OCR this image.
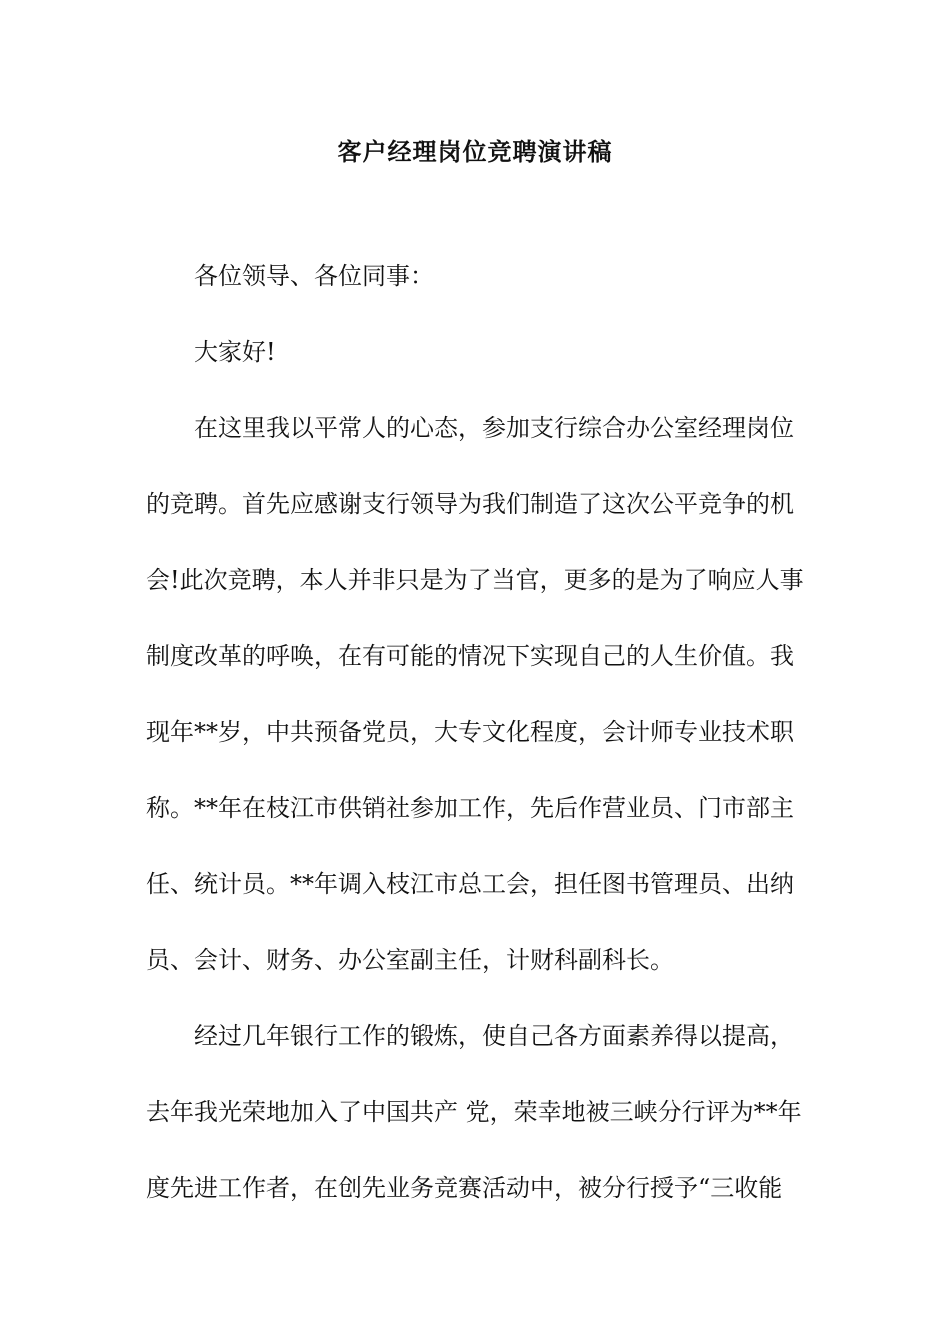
客户经理岗位竞聘演讲稿

各位领导、各位同事：

大家好!

在这里我以平常人的心态，参加支行综合办公室经理岗位
的竞聘。首先应感谢支行领导为我们制造了这次公平竞争的机
会!此次竞聘，本人并非只是为了当官，更多的是为了响应人事
制度改革的呼唤，在有可能的情况下实现自己的人生价值。我
现年**岁，中共预备党员，大专文化程度，会计师专业技术职
称。**年在枝江市供销社参加工作，先后作营业员、门市部主
任、统计员。**年调入枝江市总工会，担任图书管理员、出纳
员、会计、财务、办公室副主任，计财科副科长。

经过几年银行工作的锻炼，使自己各方面素养得以提高，
去年我光荣地加入了中国共产 党，荣幸地被三峡分行评为**年
度先进工作者，在创先业务竞赛活动中，被分行授予“三收能
